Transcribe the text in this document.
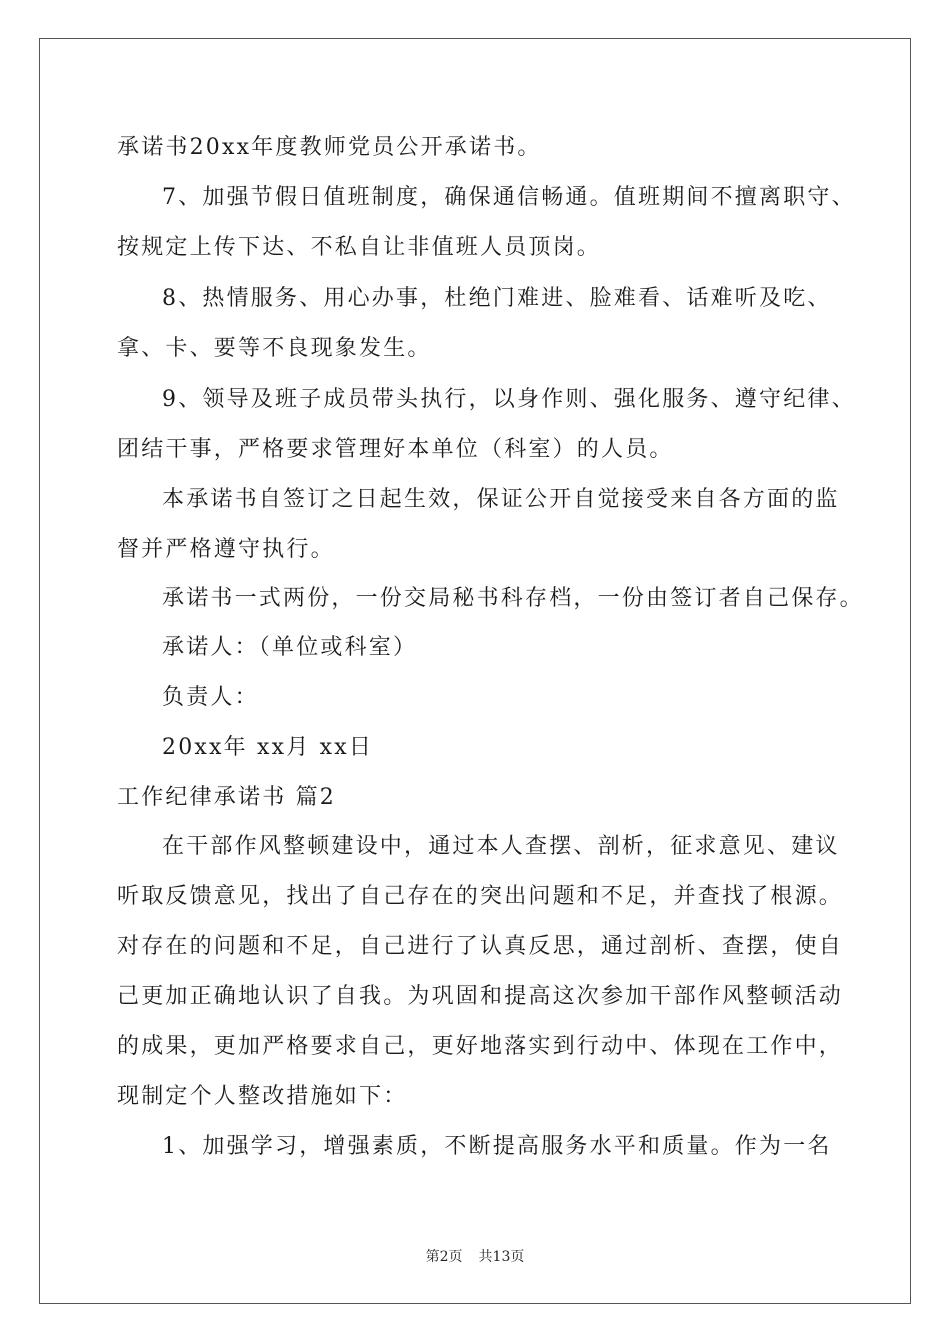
承诺书20xx年度教师党员公开承诺书。
7、加强节假日值班制度，确保通信畅通。值班期间不擅离职守、
按规定上传下达、不私自让非值班人员顶岗。
8、热情服务、用心办事，杜绝门难进、脸难看、话难听及吃、
拿、卡、要等不良现象发生。
9、领导及班子成员带头执行，以身作则、强化服务、遵守纪律、
团结干事，严格要求管理好本单位（科室）的人员。
本承诺书自签订之日起生效，保证公开自觉接受来自各方面的监
督并严格遵守执行。
承诺书一式两份，一份交局秘书科存档，一份由签订者自己保存。
承诺人：（单位或科室）
负责人：
20xx年 xx月 xx日
工作纪律承诺书 篇2
在干部作风整顿建设中，通过本人查摆、剖析，征求意见、建议
听取反馈意见，找出了自己存在的突出问题和不足，并查找了根源。
对存在的问题和不足，自己进行了认真反思，通过剖析、查摆，使自
己更加正确地认识了自我。为巩固和提高这次参加干部作风整顿活动
的成果，更加严格要求自己，更好地落实到行动中、体现在工作中，
现制定个人整改措施如下：
1、加强学习，增强素质，不断提高服务水平和质量。作为一名
第2页 共13页
